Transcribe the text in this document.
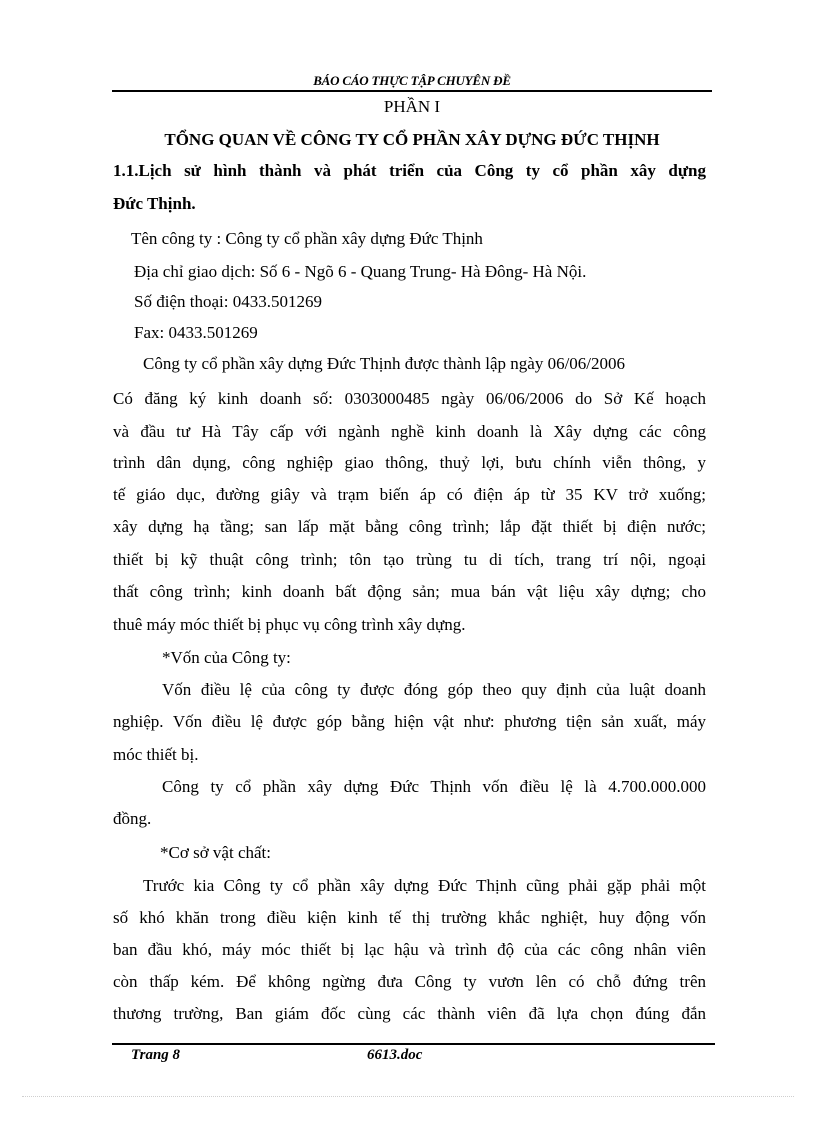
BÁO CÁO THỰC TẬP CHUYÊN ĐỀ
PHẦN I
TỔNG QUAN VỀ CÔNG TY CỔ PHẦN XÂY DỰNG ĐỨC THỊNH
1.1.Lịch sử hình thành và phát triển của Công ty cổ phần xây dựng
Đức Thịnh.
Tên công ty : Công ty cổ phần xây dựng Đức Thịnh
Địa chỉ giao dịch: Số 6 - Ngõ 6 - Quang Trung- Hà Đông- Hà Nội.
Số điện thoại: 0433.501269
Fax: 0433.501269
Công ty cổ phần xây dựng Đức Thịnh được thành lập ngày 06/06/2006
Có đăng ký kinh doanh số: 0303000485 ngày 06/06/2006 do Sở Kế hoạch
và đầu tư Hà Tây cấp với ngành nghề kinh doanh là Xây dựng các công
trình dân dụng, công nghiệp giao thông, thuỷ lợi, bưu chính viễn thông, y
tế giáo dục, đường giây và trạm biến áp có điện áp từ 35 KV trở xuống;
xây dựng hạ tầng; san lấp mặt bằng công trình; lắp đặt thiết bị điện nước;
thiết bị kỹ thuật công trình; tôn tạo trùng tu di tích, trang trí nội, ngoại
thất công trình; kinh doanh bất động sản; mua bán vật liệu xây dựng; cho
thuê máy móc thiết bị phục vụ công trình xây dựng.
*Vốn của Công ty:
Vốn điều lệ của công ty được đóng góp theo quy định của luật doanh
nghiệp. Vốn điều lệ được góp bằng hiện vật như: phương tiện sản xuất, máy
móc thiết bị.
Công ty cổ phần xây dựng Đức Thịnh vốn điều lệ là 4.700.000.000
đồng.
*Cơ sở vật chất:
Trước kia Công ty cổ phần xây dựng Đức Thịnh cũng phải gặp phải một
số khó khăn trong điều kiện kinh tế thị trường khắc nghiệt, huy động vốn
ban đầu khó, máy móc thiết bị lạc hậu và trình độ của các công nhân viên
còn thấp kém. Để không ngừng đưa Công ty vươn lên có chỗ đứng trên
thương trường, Ban giám đốc cùng các thành viên đã lựa chọn đúng đắn
Trang 8	6613.doc
